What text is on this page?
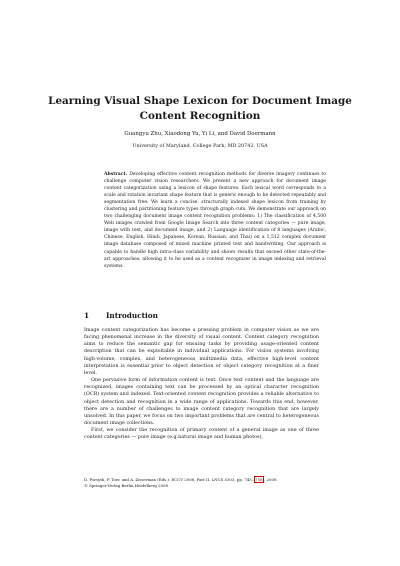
Learning Visual Shape Lexicon for Document Image Content Recognition
Guangyu Zhu, Xiaodong Yu, Yi Li, and David Doermann
University of Maryland, College Park, MD 20742, USA
Abstract. Developing effective content recognition methods for diverse imagery continues to challenge computer vision researchers. We present a new approach for document image content categorization using a lexicon of shape features. Each lexical word corresponds to a scale and rotation invariant shape feature that is generic enough to be detected repeatably and segmentation free. We learn a concise, structurally indexed shape lexicon from training by clustering and partitioning feature types through graph cuts. We demonstrate our approach on two challenging document image content recognition problems: 1) The classification of 4,500 Web images crawled from Google Image Search into three content categories — pure image, image with text, and document image, and 2) Language identification of 8 languages (Arabic, Chinese, English, Hindi, Japanese, Korean, Russian, and Thai) on a 1,512 complex document image database composed of mixed machine printed text and handwriting. Our approach is capable to handle high intra-class variability and shows results that exceed other state-of-the-art approaches, allowing it to be used as a content recognizer in image indexing and retrieval systems.
1 Introduction

Image content categorization has become a pressing problem in computer vision as we are facing phenomenal increase in the diversity of visual content. Content category recognition aims to reduce the semantic gap for ensuing tasks by providing usage-oriented content description that can be exploitable in individual applications. For vision systems involving high-volume, complex, and heterogeneous multimedia data, effective high-level content interpretation is essential prior to object detection or object category recognition at a finer level.

One pervasive form of information content is text. Once text content and the language are recognized, images containing text can be processed by an optical character recognition (OCR) system and indexed. Text-oriented content recognition provides a reliable alternative to object detection and recognition in a wide range of applications. Towards this end, however, there are a number of challenges to image content category recognition that are largely unsolved. In this paper, we focus on two important problems that are central to heterogeneous document image collections.

First, we consider the recognition of primary content of a general image as one of three content categories — pure image (e.g.natural image and human photos),

D. Forsyth, P. Torr, and A. Zisserman (Eds.): ECCV 2008, Part II, LNCS 5303, pp. 745– 758 , 2008.
© Springer-Verlag Berlin Heidelberg 2008
